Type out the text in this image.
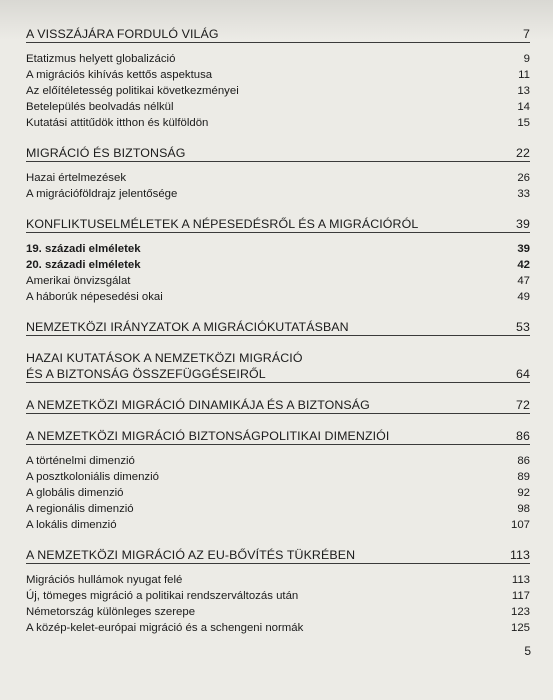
A VISSZÁJÁRA FORDULÓ VILÁG	7
Etatizmus helyett globalizáció	9
A migrációs kihívás kettős aspektusa	11
Az előítéletesség politikai következményei	13
Betelepülés beolvadás nélkül	14
Kutatási attitűdök itthon és külföldön	15
MIGRÁCIÓ ÉS BIZTONSÁG	22
Hazai értelmezések	26
A migrációföldrajz jelentősége	33
KONFLIKTUSELMÉLETEK A NÉPESEDÉSRŐL ÉS A MIGRÁCIÓRÓL	39
19. századi elméletek	39
20. századi elméletek	42
Amerikai önvizsgálat	47
A háborúk népesedési okai	49
NEMZETKÖZI IRÁNYZATOK A MIGRÁCIÓKUTATÁSBAN	53
HAZAI KUTATÁSOK A NEMZETKÖZI MIGRÁCIÓ
ÉS A BIZTONSÁG ÖSSZEFÜGGÉSEIRŐL	64
A NEMZETKÖZI MIGRÁCIÓ DINAMIKÁJA ÉS A BIZTONSÁG	72
A NEMZETKÖZI MIGRÁCIÓ BIZTONSÁGPOLITIKAI DIMENZIÓI	86
A történelmi dimenzió	86
A posztkoloniális dimenzió	89
A globális dimenzió	92
A regionális dimenzió	98
A lokális dimenzió	107
A NEMZETKÖZI MIGRÁCIÓ AZ EU-BŐVÍTÉS TÜKRÉBEN	113
Migrációs hullámok nyugat felé	113
Új, tömeges migráció a politikai rendszerváltozás után	117
Németország különleges szerepe	123
A közép-kelet-európai migráció és a schengeni normák	125
5
